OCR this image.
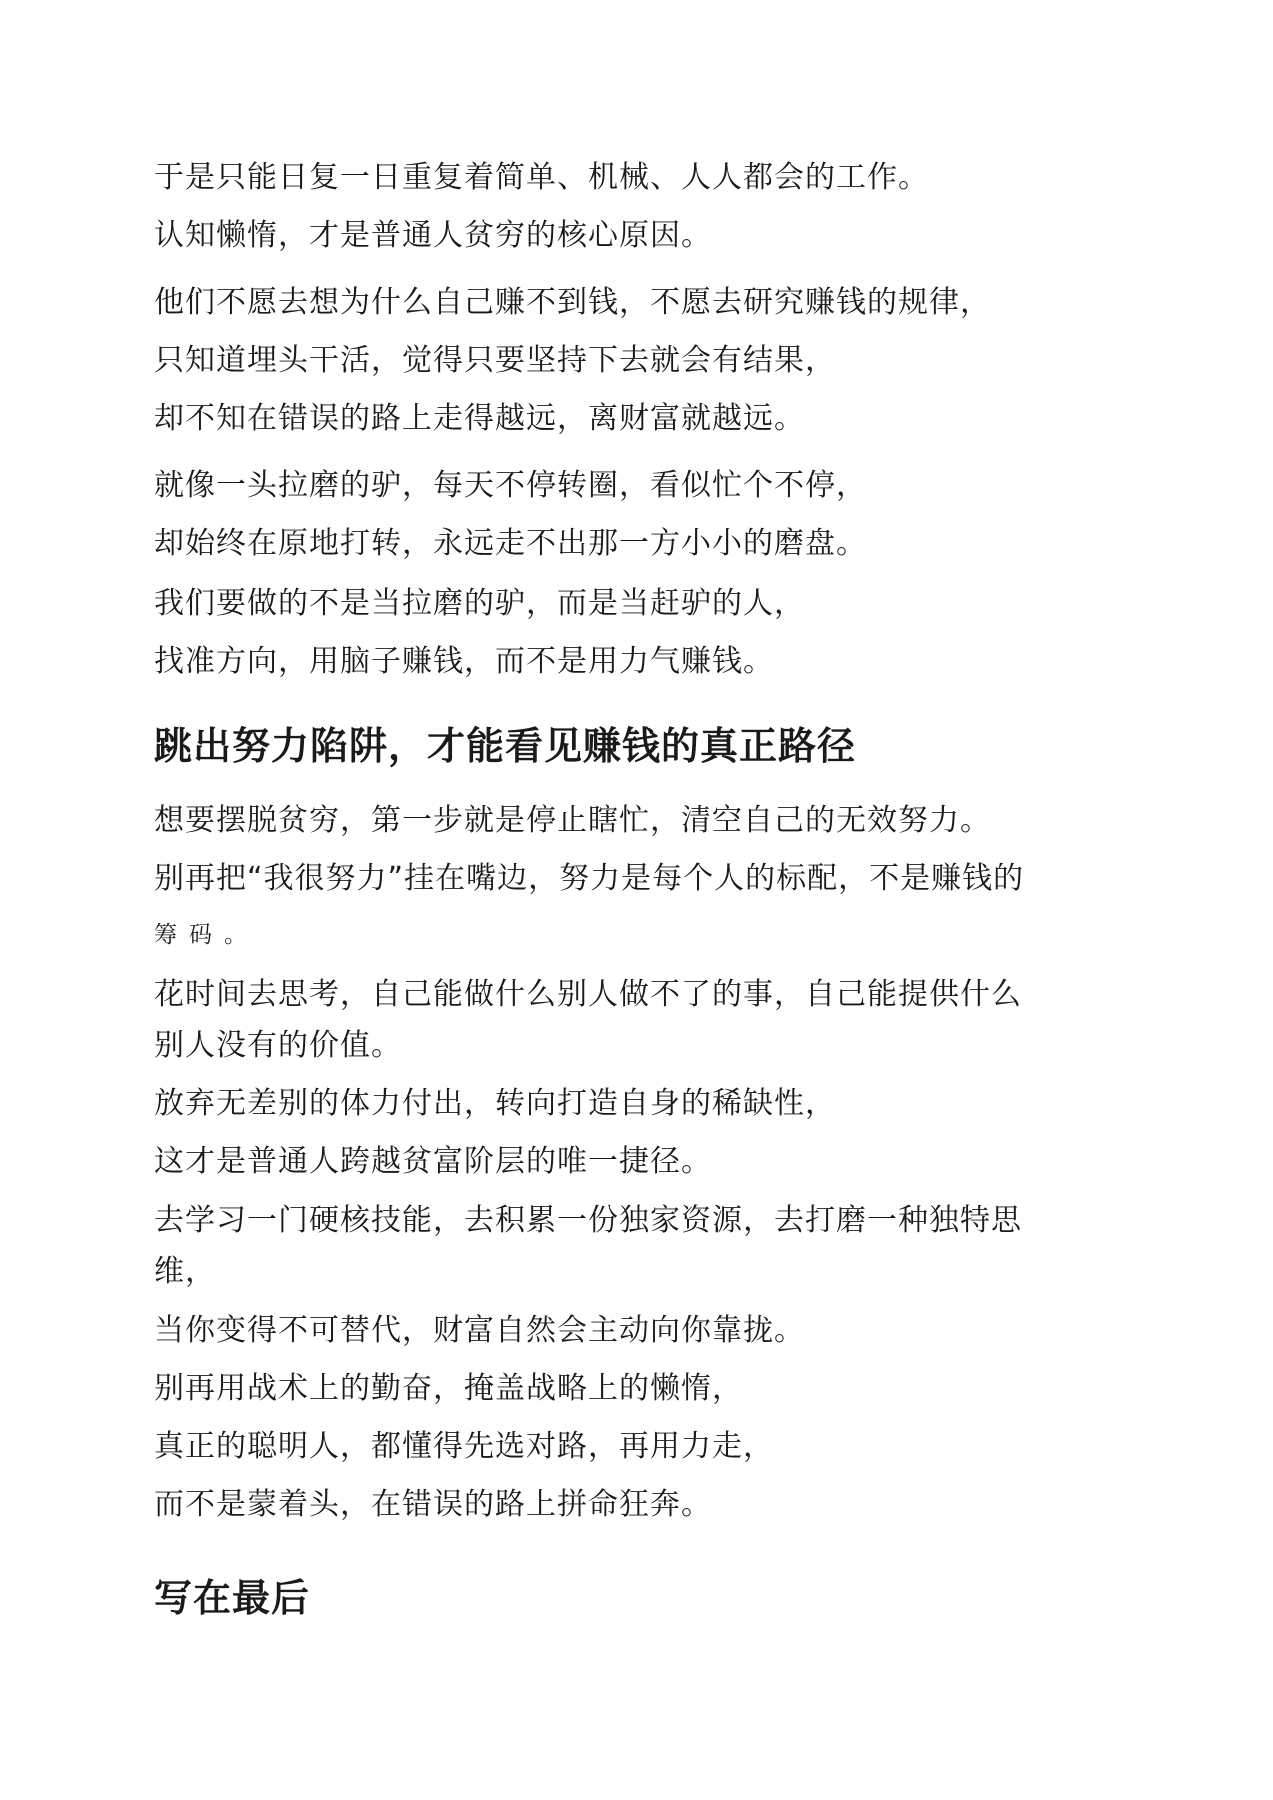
于是只能日复一日重复着简单、机械、人人都会的工作。
认知懒惰，才是普通人贫穷的核心原因。
他们不愿去想为什么自己赚不到钱，不愿去研究赚钱的规律，
只知道埋头干活，觉得只要坚持下去就会有结果，
却不知在错误的路上走得越远，离财富就越远。
就像一头拉磨的驴，每天不停转圈，看似忙个不停，
却始终在原地打转，永远走不出那一方小小的磨盘。
我们要做的不是当拉磨的驴，而是当赶驴的人，
找准方向，用脑子赚钱，而不是用力气赚钱。
跳出努力陷阱，才能看见赚钱的真正路径
想要摆脱贫穷，第一步就是停止瞎忙，清空自己的无效努力。
别再把“我很努力”挂在嘴边，努力是每个人的标配，不是赚钱的
筹码。
花时间去思考，自己能做什么别人做不了的事，自己能提供什么
别人没有的价值。
放弃无差别的体力付出，转向打造自身的稀缺性，
这才是普通人跨越贫富阶层的唯一捷径。
去学习一门硬核技能，去积累一份独家资源，去打磨一种独特思
维，
当你变得不可替代，财富自然会主动向你靠拢。
别再用战术上的勤奋，掩盖战略上的懒惰，
真正的聪明人，都懂得先选对路，再用力走，
而不是蒙着头，在错误的路上拼命狂奔。
写在最后
